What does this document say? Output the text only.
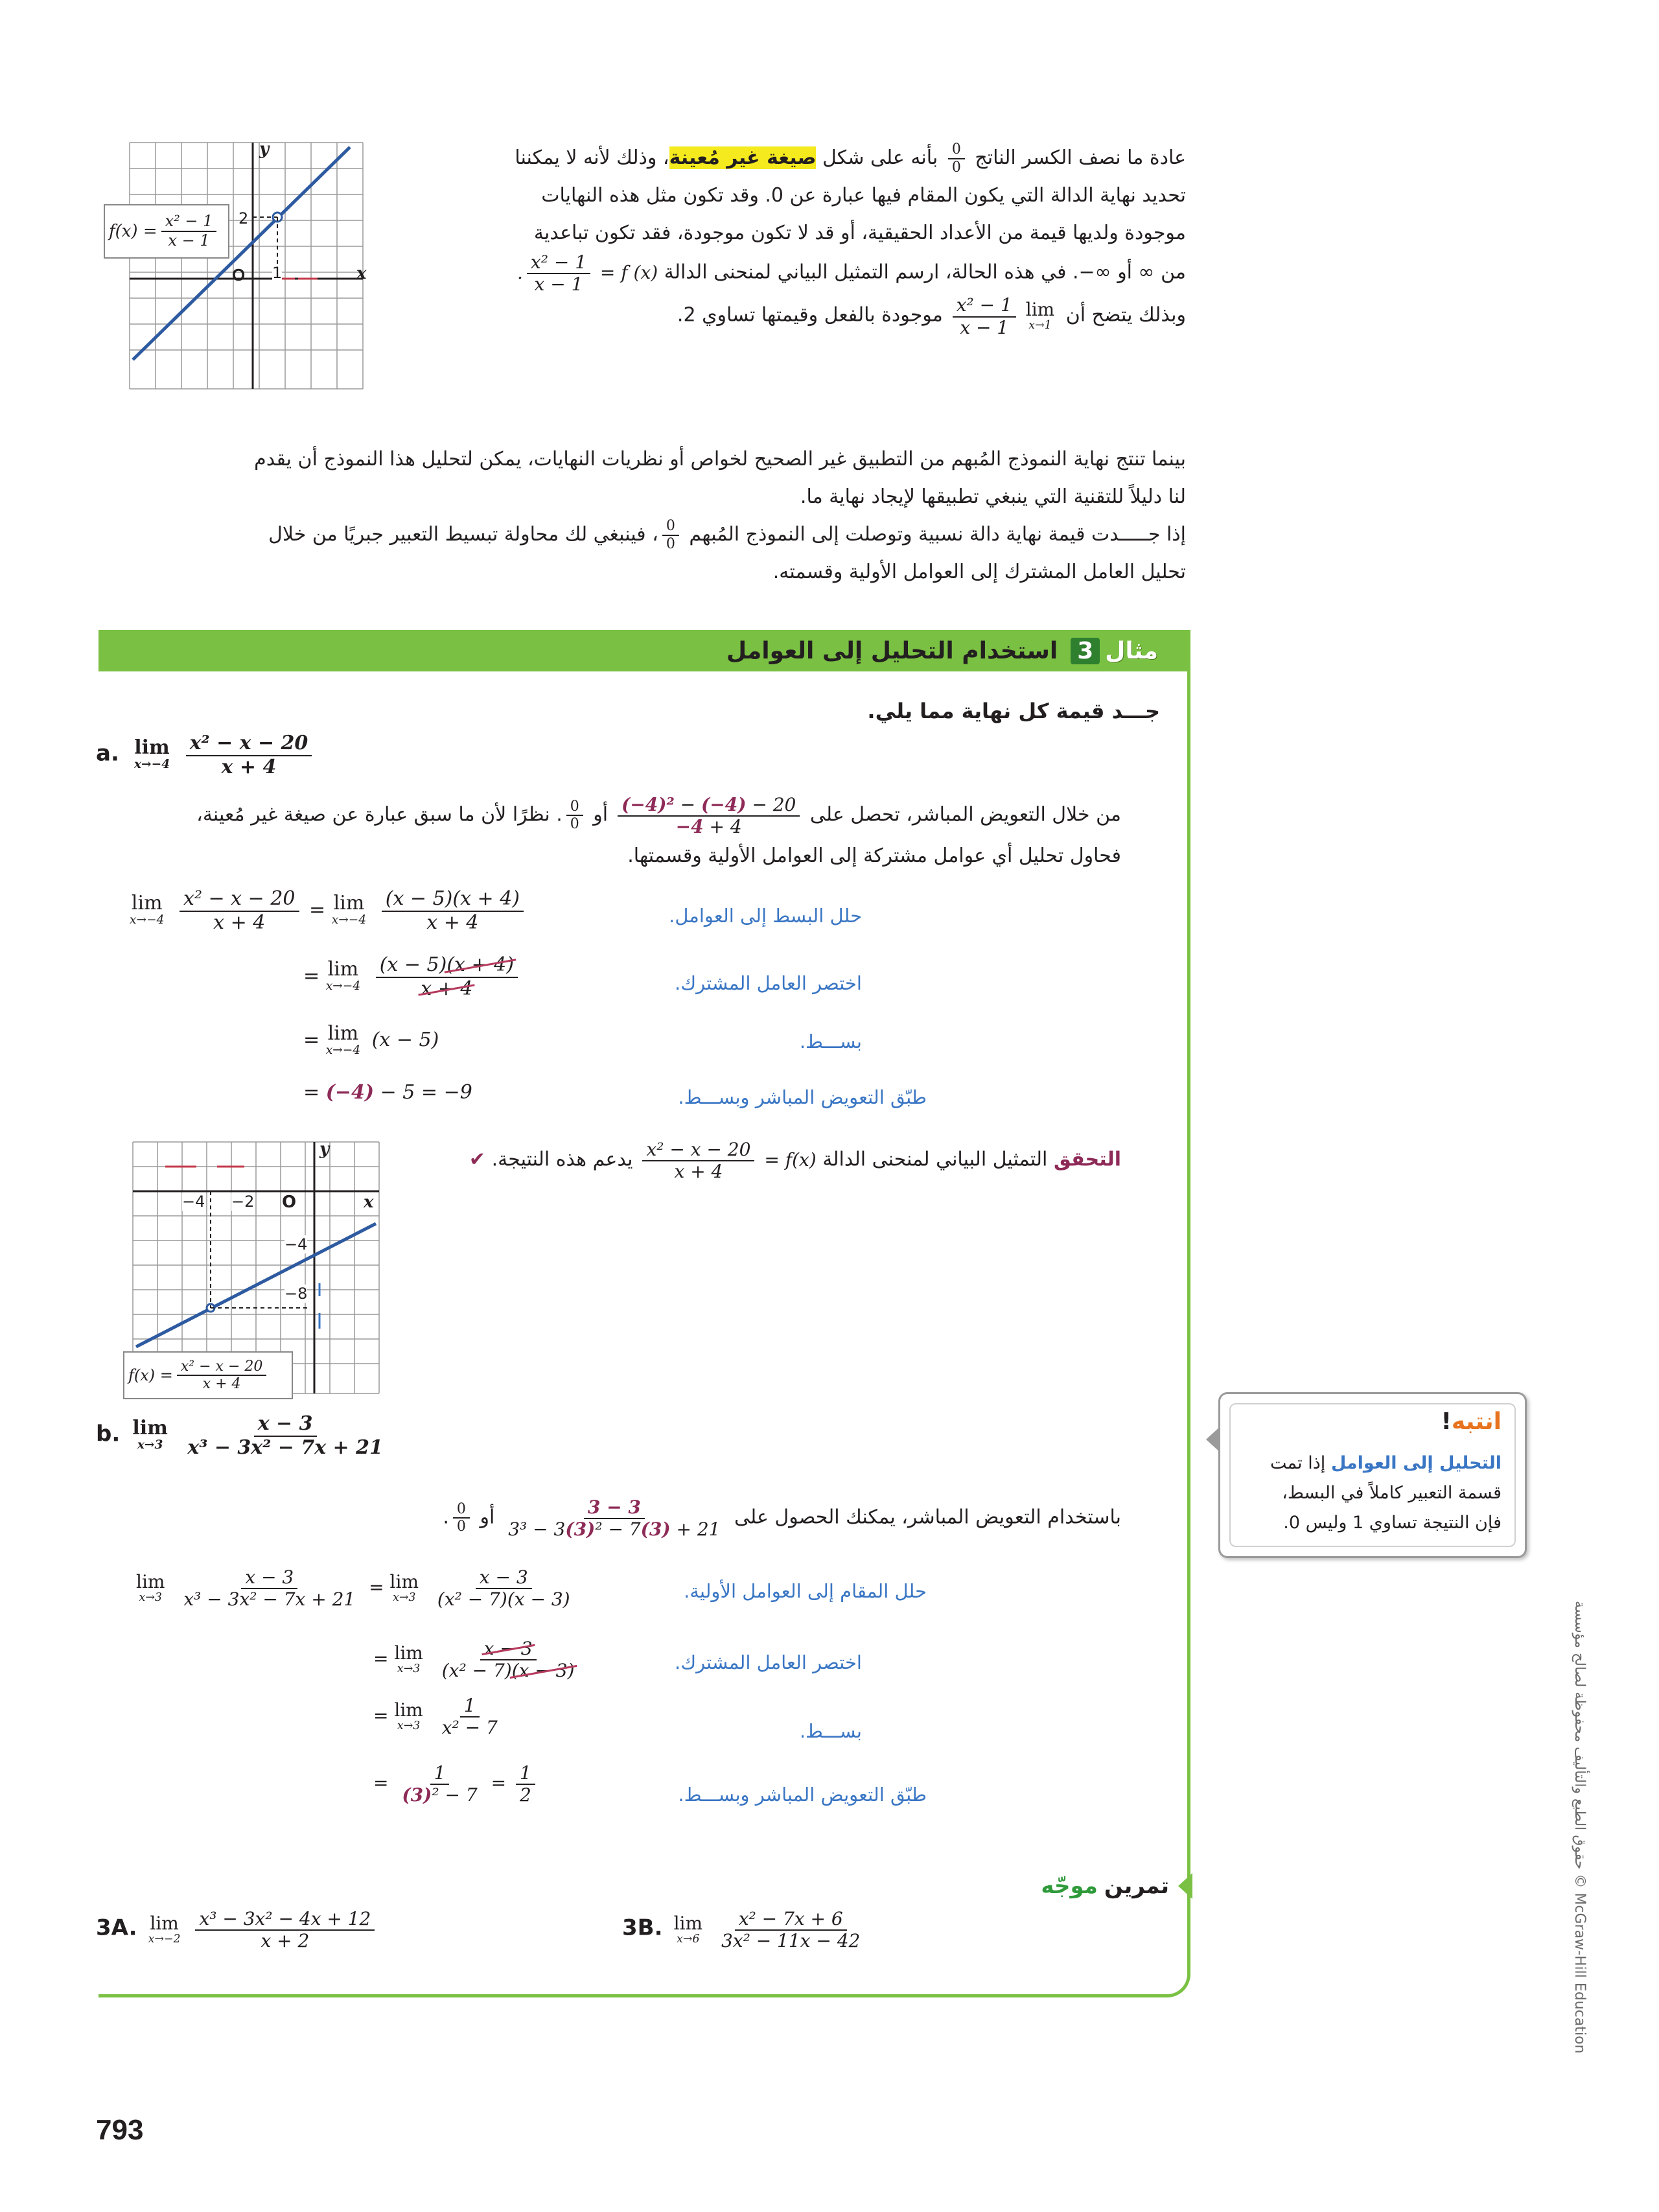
$f(x) = \frac{\text{x² − 1}}{x - 1}$
y
x
O
2
1
عادة ما نصف الكسر الناتج
$\frac{0}{0}$
بأنه على شكل صيغة غير مُعينة، وذلك لأنه لا يمكننا
تحديد نهاية الدالة التي يكون المقام فيها عبارة عن 0. وقد تكون مثل هذه النهايات
موجودة ولديها قيمة من الأعداد الحقيقية، أو قد لا تكون موجودة، فقد تكون تباعدية
من ∞ أو ∞−. في هذه الحالة، ارسم التمثيل البياني لمنحنى الدالة f (x) =
$\frac{\text{x² − 1}}{x - 1}$
.
وبذلك يتضح أن
lim
x→1

$\frac{\text{x² − 1}}{x - 1}$
موجودة بالفعل وقيمتها تساوي 2.
بينما تنتج نهاية النموذج المُبهم من التطبيق غير الصحيح لخواص أو نظريات النهايات، يمكن لتحليل هذا النموذج أن يقدم
لنا دليلاً للتقنية التي ينبغي تطبيقها لإيجاد نهاية ما.
إذا جـــــدت قيمة نهاية دالة نسبية وتوصلت إلى النموذج المُبهم
$\frac{0}{0}$
، فينبغي لك محاولة تبسيط التعبير جبريًا من خلال
تحليل العامل المشترك إلى العوامل الأولية وقسمته.
مثال
3
استخدام التحليل إلى العوامل
جـــد قيمة كل نهاية مما يلي.
a. lim
x→−4
$\frac{\text{x² − x − 20}}{x + 4}$
من خلال التعويض المباشر، تحصل على
$\frac{\text{(−4)² − (−4) − 20}}{-4 + 4}$
أو
$\frac{0}{0}$
. نظرًا لأن ما سبق عبارة عن صيغة غير مُعينة،
فحاول تحليل أي عوامل مشتركة إلى العوامل الأولية وقسمتها.
lim
x→−4
$\frac{\text{x² − x − 20}}{x + 4} = \lim$
x→−4
$\frac{(x - 5)(x + 4)}{x + 4}$
= lim
x→−4
$\frac{(x - 5)(x + 4)}{x + 4}$
= lim
x→−4 (x − 5)
= (−4) − 5 = −9
حلل البسط إلى العوامل.
اختصر العامل المشترك.
بســـط.
طبّق التعويض المباشر وبســـط.
التحقق التمثيل البياني لمنحنى الدالة f(x) =
$\frac{\text{x² − x − 20}}{x + 4}$
يدعم هذه النتيجة. ✔
y
x
O
−4 −2
−4
−8
$f(x) = \frac{\text{x² − x − 20}}{x + 4}$
b. lim
x→3
$\frac{x - 3}{\text{x³ − 3x² − 7x + 21}}$
باستخدام التعويض المباشر، يمكنك الحصول على
$\frac{3 - 3}{\text{3³ − 3(3)² − 7(3) + 21}}$
أو
$\frac{0}{0}$
.
lim
x→3
$\frac{x - 3}{\text{x³ − 3x² − 7x + 21}} = \lim$
x→3
$\frac{x - 3}{\text{(x² − 7)(x − 3)}}$
= lim
x→3
$\frac{x - 3}{\text{(x² − 7)(x − 3)}}$
= lim
x→3
$\frac{1}{\text{x² − 7}}$
= $\frac{1}{\text{(3)² − 7}} = \frac{1}{2}$
حلل المقام إلى العوامل الأولية.
اختصر العامل المشترك.
بســـط.
طبّق التعويض المباشر وبســـط.
تمرين
موجّه
3A. lim
x→−2
$\frac{\text{x³ − 3x² − 4x + 12}}{x + 2}$	3B. lim
x→6
$\frac{\text{x² − 7x + 6}}{\text{3x² − 11x − 42}}$
انتبه!
التحليل إلى العوامل إذا تمت
قسمة التعبير كاملاً في البسط،
فإن النتيجة تساوي 1 وليس 0.
McGraw-Hill Education © حقوق الطبع والتأليف محفوظة لصالح مؤسسة
793
